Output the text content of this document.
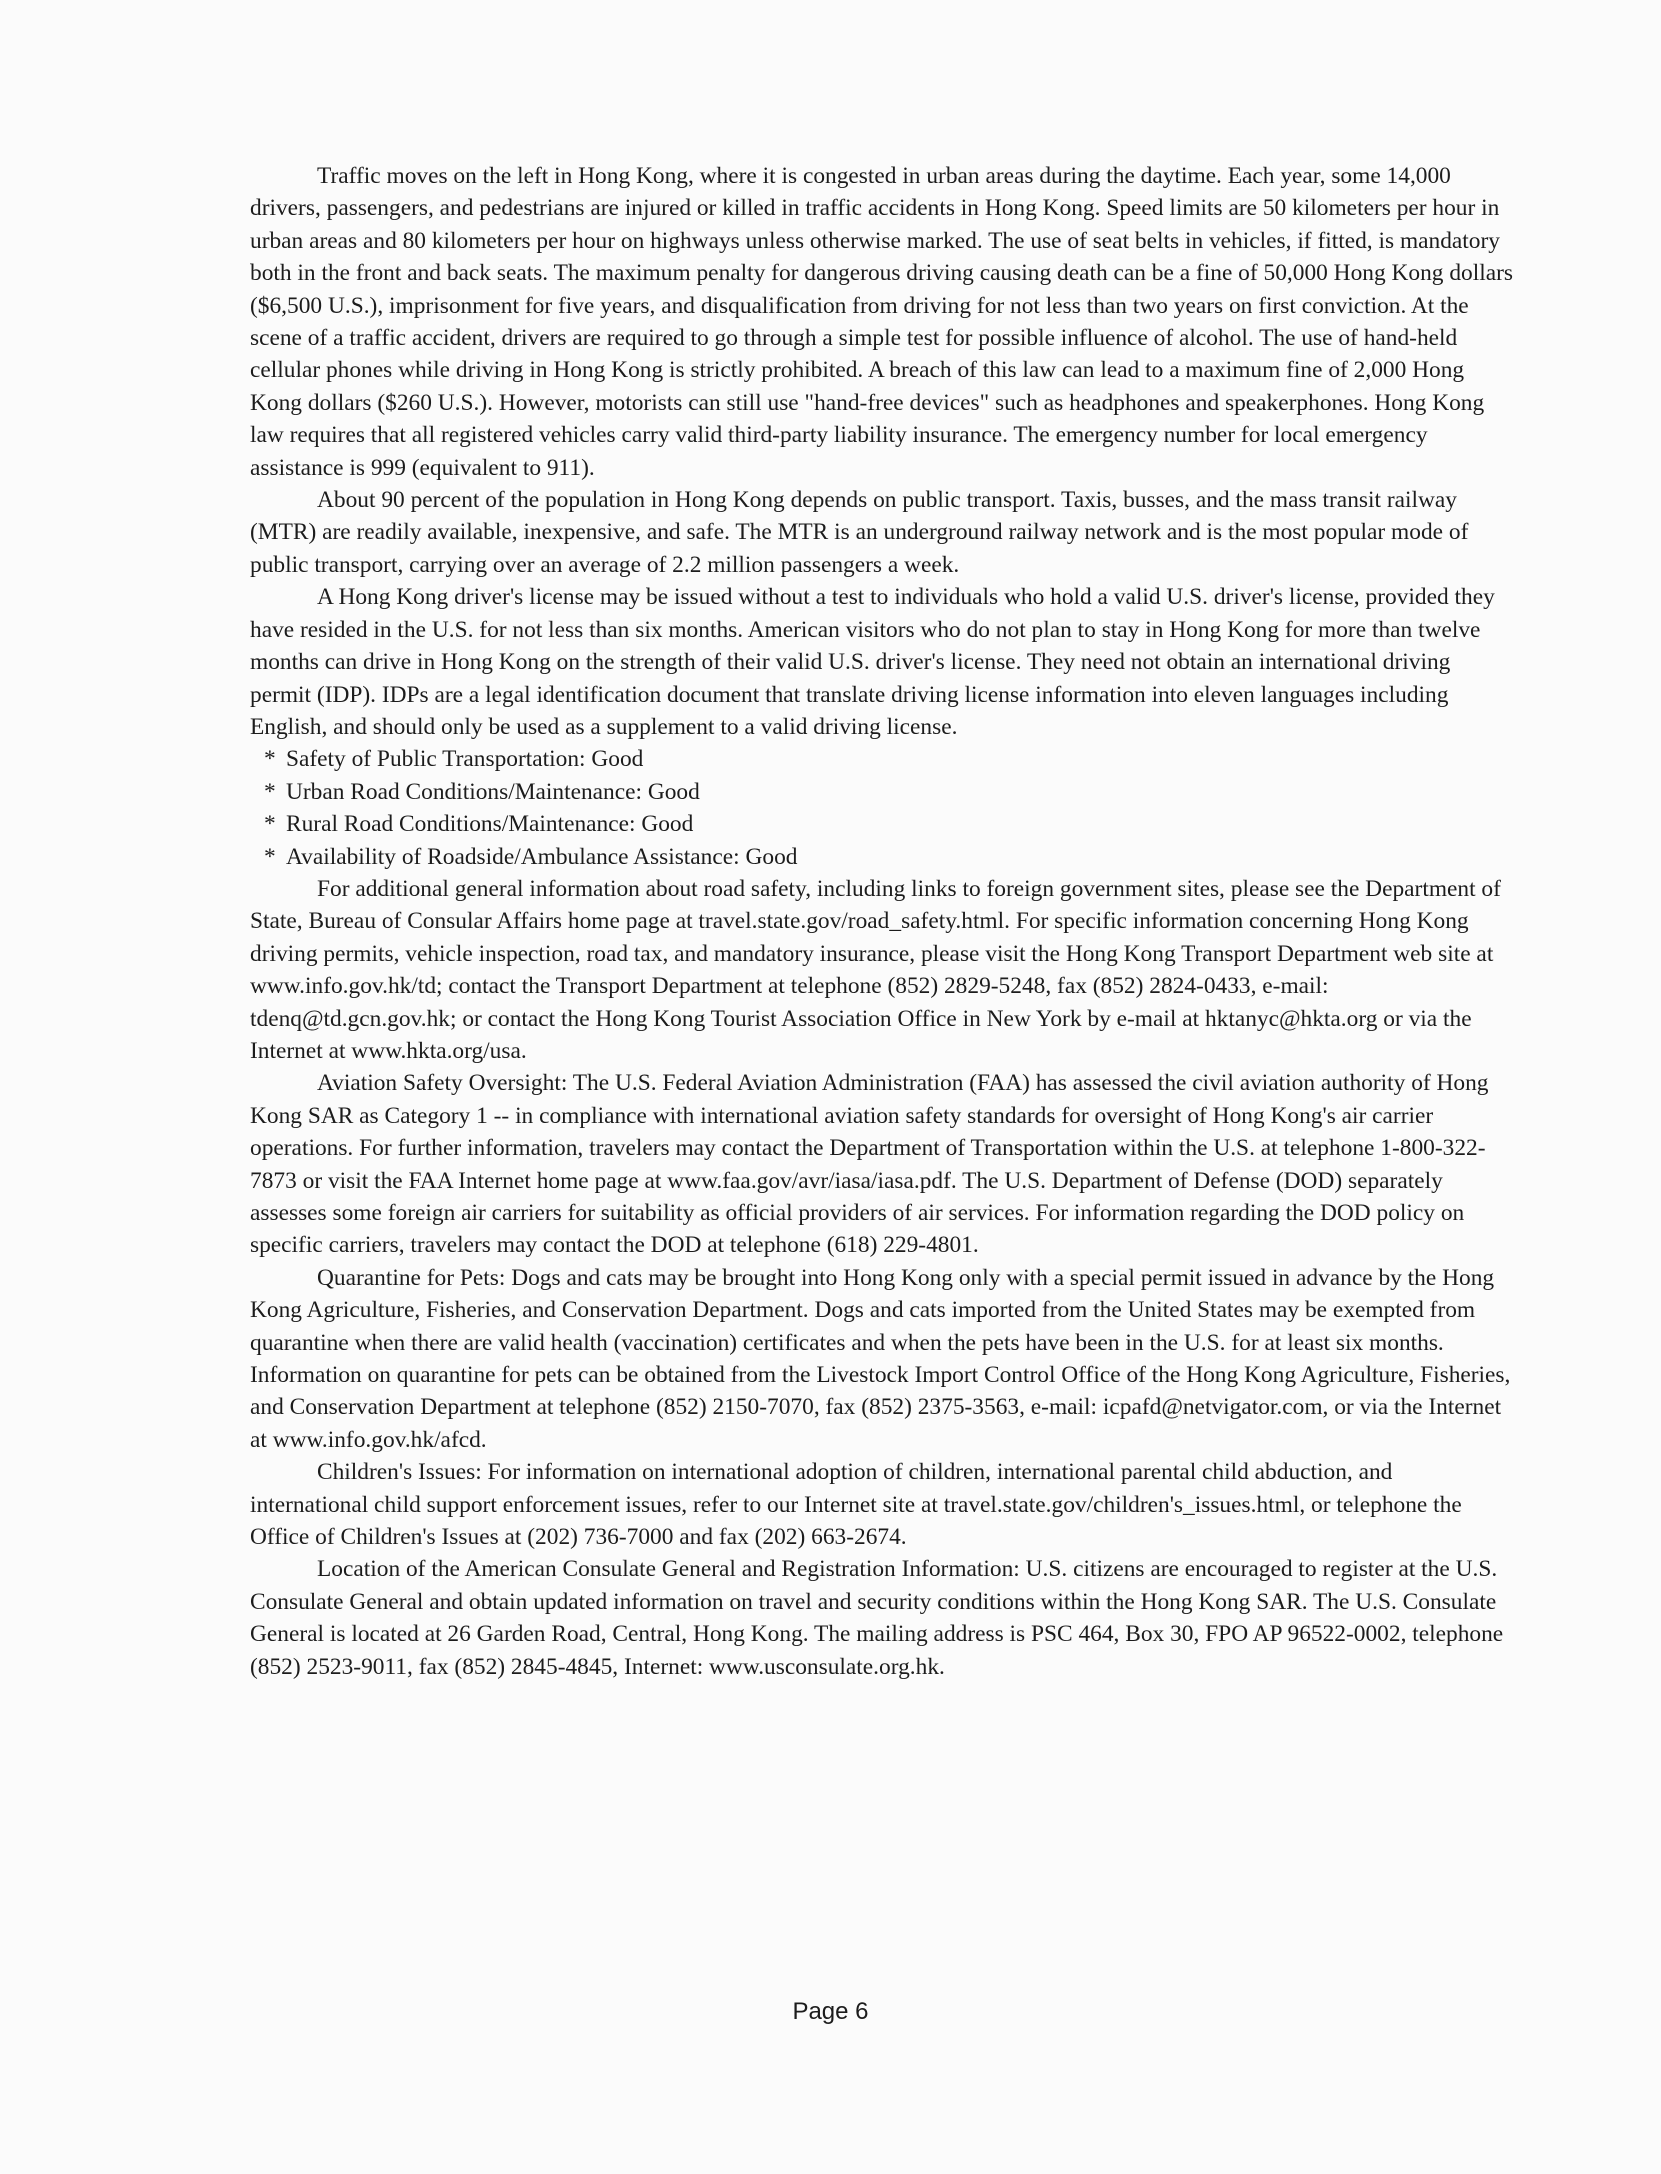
Traffic moves on the left in Hong Kong, where it is congested in urban areas during the daytime. Each year, some 14,000 drivers, passengers, and pedestrians are injured or killed in traffic accidents in Hong Kong. Speed limits are 50 kilometers per hour in urban areas and 80 kilometers per hour on highways unless otherwise marked. The use of seat belts in vehicles, if fitted, is mandatory both in the front and back seats. The maximum penalty for dangerous driving causing death can be a fine of 50,000 Hong Kong dollars ($6,500 U.S.), imprisonment for five years, and disqualification from driving for not less than two years on first conviction. At the scene of a traffic accident, drivers are required to go through a simple test for possible influence of alcohol. The use of hand-held cellular phones while driving in Hong Kong is strictly prohibited. A breach of this law can lead to a maximum fine of 2,000 Hong Kong dollars ($260 U.S.). However, motorists can still use "hand-free devices" such as headphones and speakerphones. Hong Kong law requires that all registered vehicles carry valid third-party liability insurance. The emergency number for local emergency assistance is 999 (equivalent to 911).

About 90 percent of the population in Hong Kong depends on public transport. Taxis, busses, and the mass transit railway (MTR) are readily available, inexpensive, and safe. The MTR is an underground railway network and is the most popular mode of public transport, carrying over an average of 2.2 million passengers a week.

A Hong Kong driver's license may be issued without a test to individuals who hold a valid U.S. driver's license, provided they have resided in the U.S. for not less than six months. American visitors who do not plan to stay in Hong Kong for more than twelve months can drive in Hong Kong on the strength of their valid U.S. driver's license. They need not obtain an international driving permit (IDP). IDPs are a legal identification document that translate driving license information into eleven languages including English, and should only be used as a supplement to a valid driving license.

* Safety of Public Transportation: Good
* Urban Road Conditions/Maintenance: Good
* Rural Road Conditions/Maintenance: Good
* Availability of Roadside/Ambulance Assistance: Good

For additional general information about road safety, including links to foreign government sites, please see the Department of State, Bureau of Consular Affairs home page at travel.state.gov/road_safety.html. For specific information concerning Hong Kong driving permits, vehicle inspection, road tax, and mandatory insurance, please visit the Hong Kong Transport Department web site at www.info.gov.hk/td; contact the Transport Department at telephone (852) 2829-5248, fax (852) 2824-0433, e-mail: tdenq@td.gcn.gov.hk; or contact the Hong Kong Tourist Association Office in New York by e-mail at hktanyc@hkta.org or via the Internet at www.hkta.org/usa.

Aviation Safety Oversight: The U.S. Federal Aviation Administration (FAA) has assessed the civil aviation authority of Hong Kong SAR as Category 1 -- in compliance with international aviation safety standards for oversight of Hong Kong's air carrier operations. For further information, travelers may contact the Department of Transportation within the U.S. at telephone 1-800-322-7873 or visit the FAA Internet home page at www.faa.gov/avr/iasa/iasa.pdf. The U.S. Department of Defense (DOD) separately assesses some foreign air carriers for suitability as official providers of air services. For information regarding the DOD policy on specific carriers, travelers may contact the DOD at telephone (618) 229-4801.

Quarantine for Pets: Dogs and cats may be brought into Hong Kong only with a special permit issued in advance by the Hong Kong Agriculture, Fisheries, and Conservation Department. Dogs and cats imported from the United States may be exempted from quarantine when there are valid health (vaccination) certificates and when the pets have been in the U.S. for at least six months. Information on quarantine for pets can be obtained from the Livestock Import Control Office of the Hong Kong Agriculture, Fisheries, and Conservation Department at telephone (852) 2150-7070, fax (852) 2375-3563, e-mail: icpafd@netvigator.com, or via the Internet at www.info.gov.hk/afcd.

Children's Issues: For information on international adoption of children, international parental child abduction, and international child support enforcement issues, refer to our Internet site at travel.state.gov/children's_issues.html, or telephone the Office of Children's Issues at (202) 736-7000 and fax (202) 663-2674.

Location of the American Consulate General and Registration Information: U.S. citizens are encouraged to register at the U.S. Consulate General and obtain updated information on travel and security conditions within the Hong Kong SAR. The U.S. Consulate General is located at 26 Garden Road, Central, Hong Kong. The mailing address is PSC 464, Box 30, FPO AP 96522-0002, telephone (852) 2523-9011, fax (852) 2845-4845, Internet: www.usconsulate.org.hk.

Page 6
